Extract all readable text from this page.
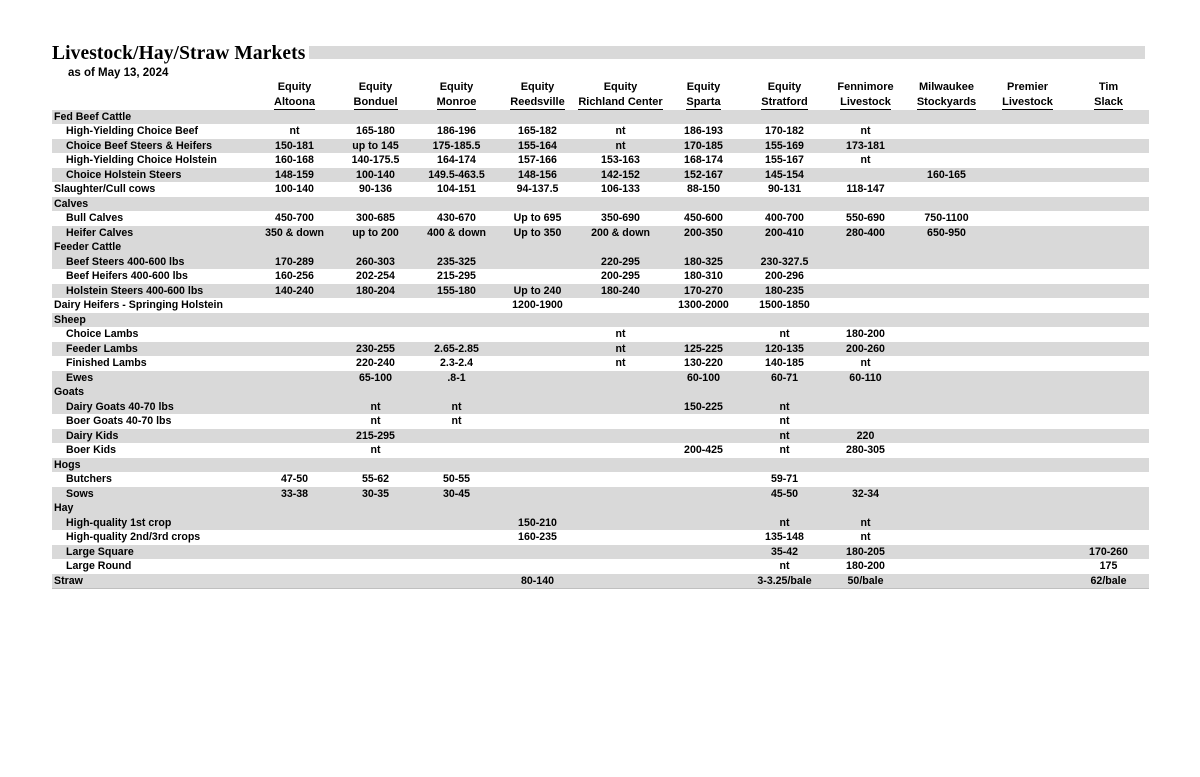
Livestock/Hay/Straw Markets
as of May 13, 2024
	Equity	Equity	Equity	Equity	Equity	Equity	Equity	Fennimore	Milwaukee	Premier	Tim
	Altoona	Bonduel	Monroe	Reedsville	Richland Center	Sparta	Stratford	Livestock	Stockyards	Livestock	Slack
Fed Beef Cattle											
High-Yielding Choice Beef	nt	165-180	186-196	165-182	nt	186-193	170-182	nt			
Choice Beef Steers & Heifers	150-181	up to 145	175-185.5	155-164	nt	170-185	155-169	173-181			
High-Yielding Choice Holstein	160-168	140-175.5	164-174	157-166	153-163	168-174	155-167	nt			
Choice Holstein Steers	148-159	100-140	149.5-463.5	148-156	142-152	152-167	145-154		160-165		
Slaughter/Cull cows	100-140	90-136	104-151	94-137.5	106-133	88-150	90-131	118-147			
Calves											
Bull Calves	450-700	300-685	430-670	Up to 695	350-690	450-600	400-700	550-690	750-1100		
Heifer Calves	350 & down	up to 200	400 & down	Up to 350	200 & down	200-350	200-410	280-400	650-950		
Feeder Cattle											
Beef Steers 400-600 lbs	170-289	260-303	235-325		220-295	180-325	230-327.5				
Beef Heifers 400-600 lbs	160-256	202-254	215-295		200-295	180-310	200-296				
Holstein Steers 400-600 lbs	140-240	180-204	155-180	Up to 240	180-240	170-270	180-235				
Dairy Heifers - Springing Holstein				1200-1900		1300-2000	1500-1850				
Sheep											
Choice Lambs					nt		nt	180-200			
Feeder Lambs		230-255	2.65-2.85		nt	125-225	120-135	200-260			
Finished Lambs		220-240	2.3-2.4		nt	130-220	140-185	nt			
Ewes		65-100	.8-1			60-100	60-71	60-110			
Goats											
Dairy Goats 40-70 lbs		nt	nt			150-225	nt				
Boer Goats 40-70 lbs		nt	nt				nt				
Dairy Kids		215-295					nt	220			
Boer Kids		nt				200-425	nt	280-305			
Hogs											
Butchers	47-50	55-62	50-55				59-71				
Sows	33-38	30-35	30-45				45-50	32-34			
Hay											
High-quality 1st crop				150-210			nt	nt			
High-quality 2nd/3rd crops				160-235			135-148	nt			
Large Square							35-42	180-205			170-260
Large Round							nt	180-200			175
Straw				80-140			3-3.25/bale	50/bale			62/bale
